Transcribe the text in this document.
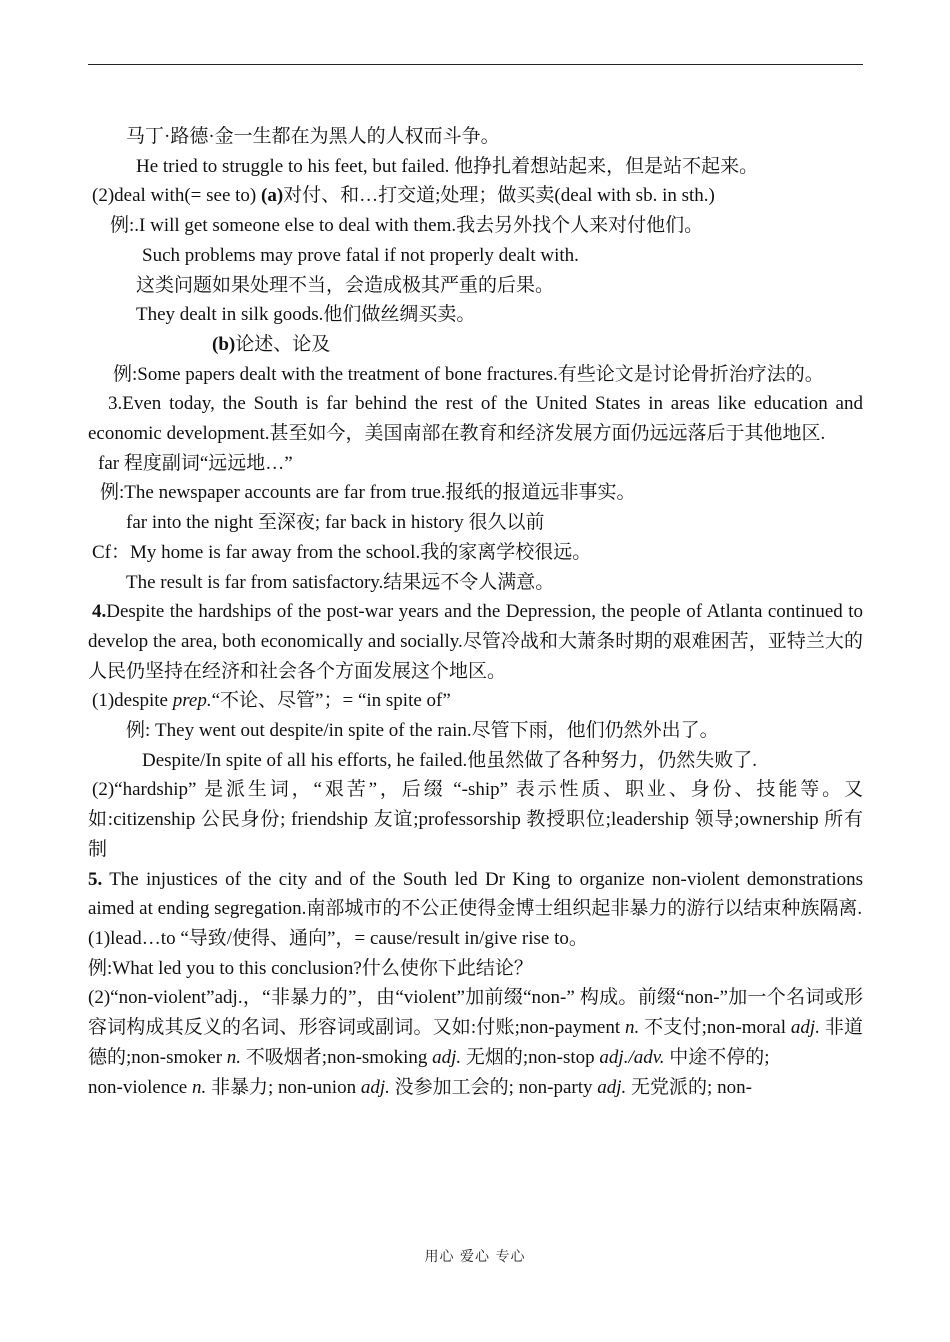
马丁·路德·金一生都在为黑人的人权而斗争。
He tried to struggle to his feet, but failed. 他挣扎着想站起来，但是站不起来。
(2)deal with(= see to) (a)对付、和…打交道;处理；做买卖(deal with sb. in sth.)
例:.I will get someone else to deal with them.我去另外找个人来对付他们。
Such problems may prove fatal if not properly dealt with.
这类问题如果处理不当，会造成极其严重的后果。
They dealt in silk goods.他们做丝绸买卖。
(b)论述、论及

例:Some papers dealt with the treatment of bone fractures.有些论文是讨论骨折治疗法的。

3.Even today, the South is far behind the rest of the United States in areas like education and economic development.甚至如今，美国南部在教育和经济发展方面仍远远落后于其他地区.

far 程度副词“远远地…”
例:The newspaper accounts are far from true.报纸的报道远非事实。
far into the night 至深夜; far back in history 很久以前
Cf：My home is far away from the school.我的家离学校很远。
The result is far from satisfactory.结果远不令人满意。

4.Despite the hardships of the post-war years and the Depression, the people of Atlanta continued to develop the area, both economically and socially.尽管冷战和大萧条时期的艰难困苦，亚特兰大的人民仍坚持在经济和社会各个方面发展这个地区。

(1)despite prep.“不论、尽管”；= “in spite of”
例: They went out despite/in spite of the rain.尽管下雨，他们仍然外出了。
Despite/In spite of all his efforts, he failed.他虽然做了各种努力，仍然失败了.

(2)“hardship” 是派生词，“艰苦”，后缀 “-ship” 表示性质、职业、身份、技能等。又如:citizenship 公民身份; friendship 友谊;professorship 教授职位;leadership 领导;ownership 所有制

5. The injustices of the city and of the South led Dr King to organize non-violent demonstrations aimed at ending segregation.南部城市的不公正使得金博士组织起非暴力的游行以结束种族隔离.

(1)lead…to “导致/使得、通向”，= cause/result in/give rise to。
例:What led you to this conclusion?什么使你下此结论？

(2)“non-violent”adj.，“非暴力的”，由“violent”加前缀“non-” 构成。前缀“non-”加一个名词或形容词构成其反义的名词、形容词或副词。又如:付账;non-payment n. 不支付;non-moral adj. 非道德的;non-smoker n. 不吸烟者;non-smoking adj. 无烟的;non-stop adj./adv. 中途不停的;

non-violence n. 非暴力; non-union adj. 没参加工会的; non-party adj. 无党派的; non-
用心 爱心 专心
